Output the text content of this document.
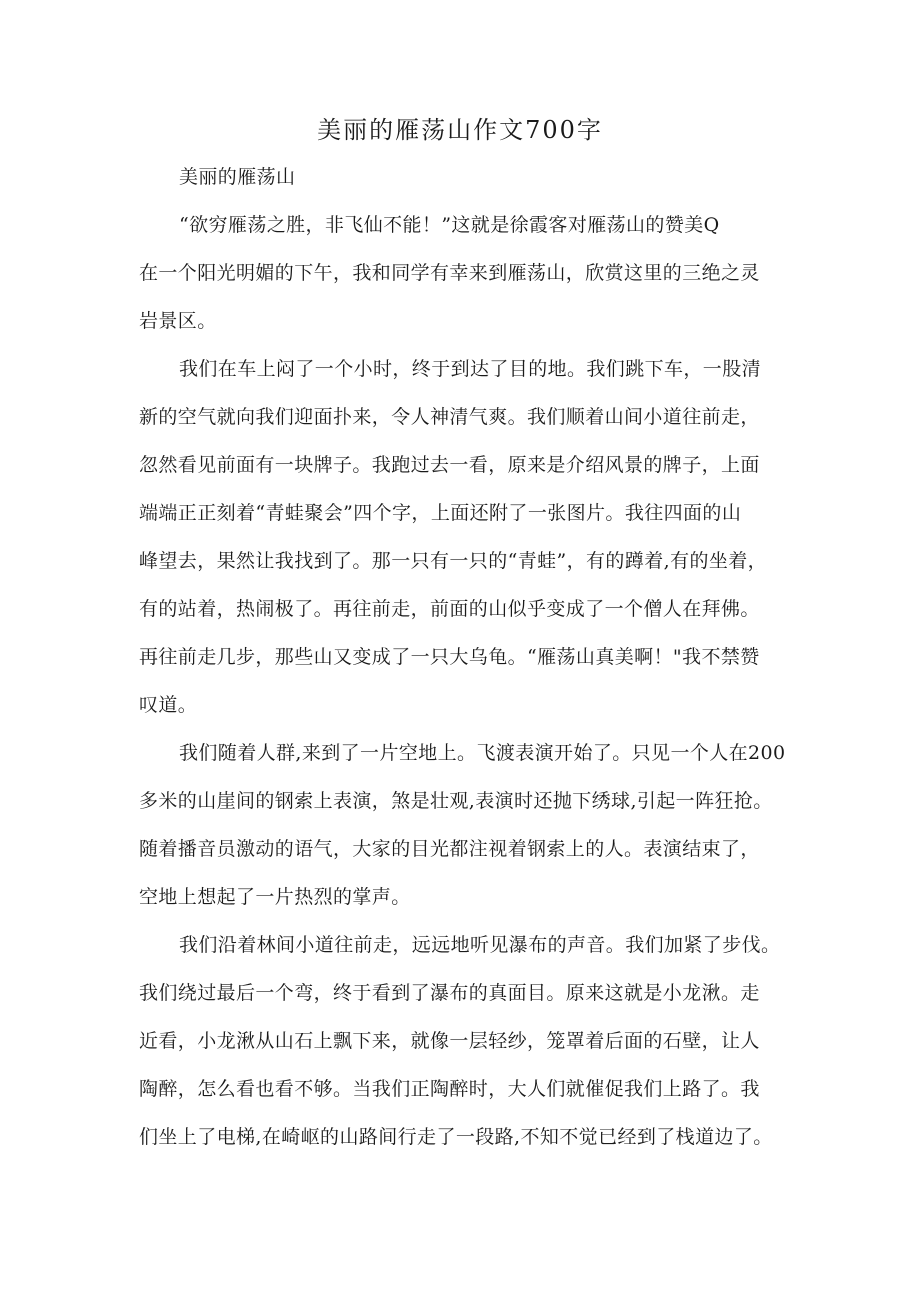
美丽的雁荡山作文700字
美丽的雁荡山
“欲穷雁荡之胜，非飞仙不能！”这就是徐霞客对雁荡山的赞美Q
在一个阳光明媚的下午，我和同学有幸来到雁荡山，欣赏这里的三绝之灵
岩景区。
我们在车上闷了一个小时，终于到达了目的地。我们跳下车，一股清
新的空气就向我们迎面扑来，令人神清气爽。我们顺着山间小道往前走，
忽然看见前面有一块牌子。我跑过去一看，原来是介绍风景的牌子，上面
端端正正刻着“青蛙聚会”四个字，上面还附了一张图片。我往四面的山
峰望去，果然让我找到了。那一只有一只的“青蛙”，有的蹲着,有的坐着，
有的站着，热闹极了。再往前走，前面的山似乎变成了一个僧人在拜佛。
再往前走几步，那些山又变成了一只大乌龟。“雁荡山真美啊！"我不禁赞
叹道。
我们随着人群,来到了一片空地上。飞渡表演开始了。只见一个人在200
多米的山崖间的钢索上表演，煞是壮观,表演时还抛下绣球,引起一阵狂抢。
随着播音员激动的语气，大家的目光都注视着钢索上的人。表演结束了，
空地上想起了一片热烈的掌声。
我们沿着林间小道往前走，远远地听见瀑布的声音。我们加紧了步伐。
我们绕过最后一个弯，终于看到了瀑布的真面目。原来这就是小龙湫。走
近看，小龙湫从山石上飘下来，就像一层轻纱，笼罩着后面的石壁，让人
陶醉，怎么看也看不够。当我们正陶醉时，大人们就催促我们上路了。我
们坐上了电梯,在崎岖的山路间行走了一段路,不知不觉已经到了栈道边了。
